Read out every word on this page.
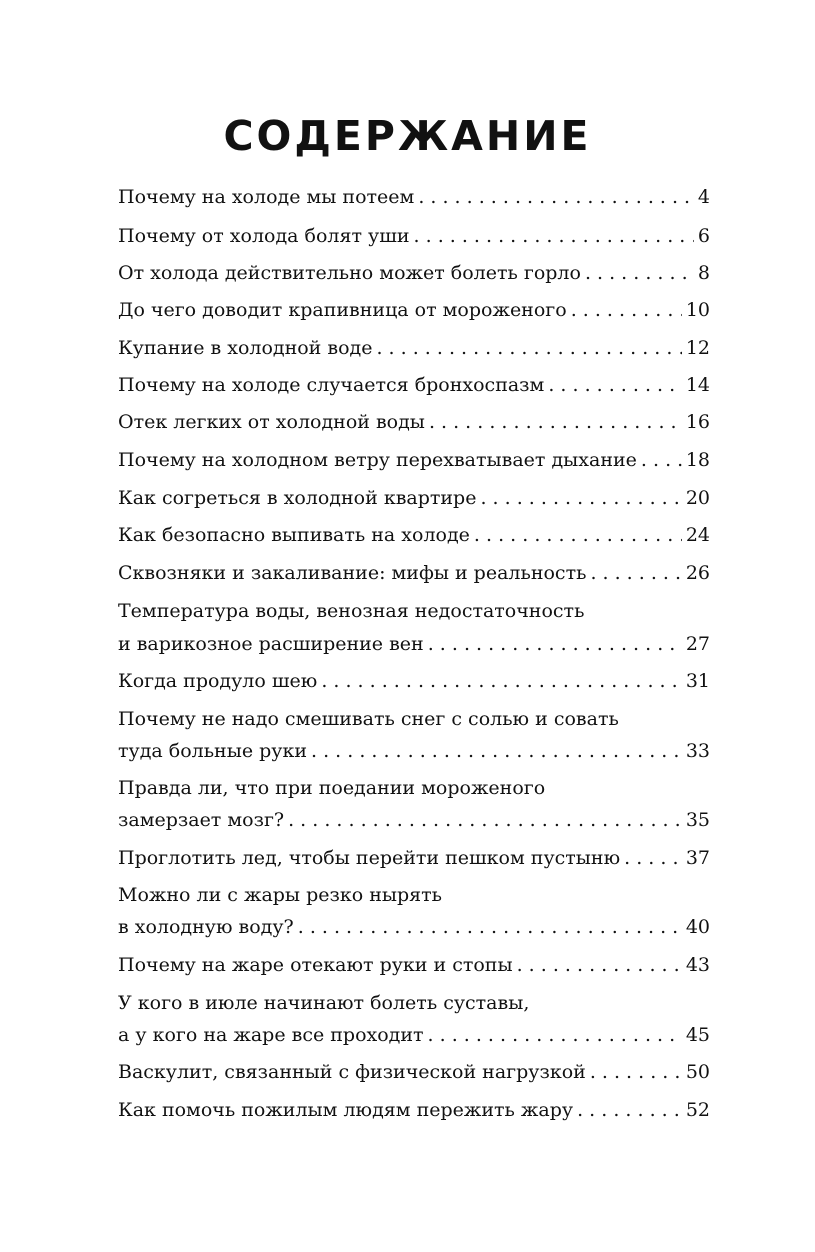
СОДЕРЖАНИЕ
Почему на холоде мы потеем . . .	4
Почему от холода болят уши . . .	6
От холода действительно может болеть горло . . .	8
До чего доводит крапивница от мороженого . . .	10
Купание в холодной воде . . .	12
Почему на холоде случается бронхоспазм . . .	14
Отек легких от холодной воды . . .	16
Почему на холодном ветру перехватывает дыхание . . .	18
Как согреться в холодной квартире . . .	20
Как безопасно выпивать на холоде . . .	24
Сквозняки и закаливание: мифы и реальность . . .	26
Температура воды, венозная недостаточность
и варикозное расширение вен . . .	27
Когда продуло шею . . .	31
Почему не надо смешивать снег с солью и совать
туда больные руки . . .	33
Правда ли, что при поедании мороженого
замерзает мозг? . . .	35
Проглотить лед, чтобы перейти пешком пустыню . . .	37
Можно ли с жары резко нырять
в холодную воду? . . .	40
Почему на жаре отекают руки и стопы . . .	43
У кого в июле начинают болеть суставы,
а у кого на жаре все проходит . . .	45
Васкулит, связанный с физической нагрузкой . . .	50
Как помочь пожилым людям пережить жару . . .	52
